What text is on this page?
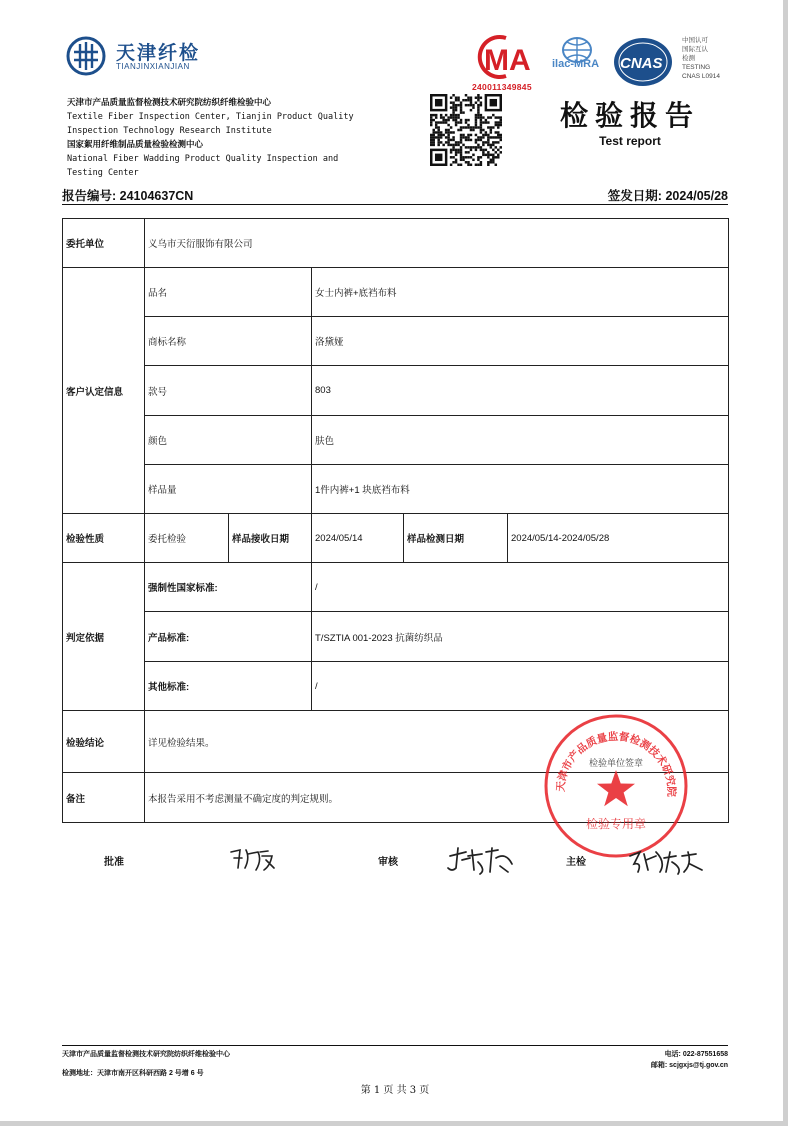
天津纤检
TIANJINXIANJIAN	MA
240011349845
ilac-MRA CNAS
中国认可
国际互认
检测
TESTING
CNAS L0914
天津市产品质量监督检测技术研究院纺织纤维检验中心
Textile Fiber Inspection Center, Tianjin Product Quality
Inspection Technology Research Institute
国家絮用纤维制品质量检验检测中心
National Fiber Wadding Product Quality Inspection and
Testing Center
检验报告
Test report
报告编号: 24104637CN	签发日期: 2024/05/28
委托单位	义乌市天衍服饰有限公司				
客户认定信息	品名		女士内裤+底裆布料		
	商标名称		洛黛娅		
	款号		803		
	颜色		肤色		
	样品量		1件内裤+1 块底裆布料		
检验性质	委托检验	样品接收日期	2024/05/14	样品检测日期	2024/05/14-2024/05/28
判定依据	强制性国家标准:		/		
	产品标准:		T/SZTIA 001-2023 抗菌纺织品		
	其他标准:		/		
检验结论	详见检验结果。				
备注	本报告采用不考虑测量不确定度的判定规则。				
天津市产品质量监督检测技术研究院
检验单位签章
检验专用章
批准	审核	主检
天津市产品质量监督检测技术研究院纺织纤维检验中心
检测地址：天津市南开区科研西路 2 号增 6 号
电话: 022-87551658
邮箱: scjgxjs@tj.gov.cn
第 1 页 共 3 页
